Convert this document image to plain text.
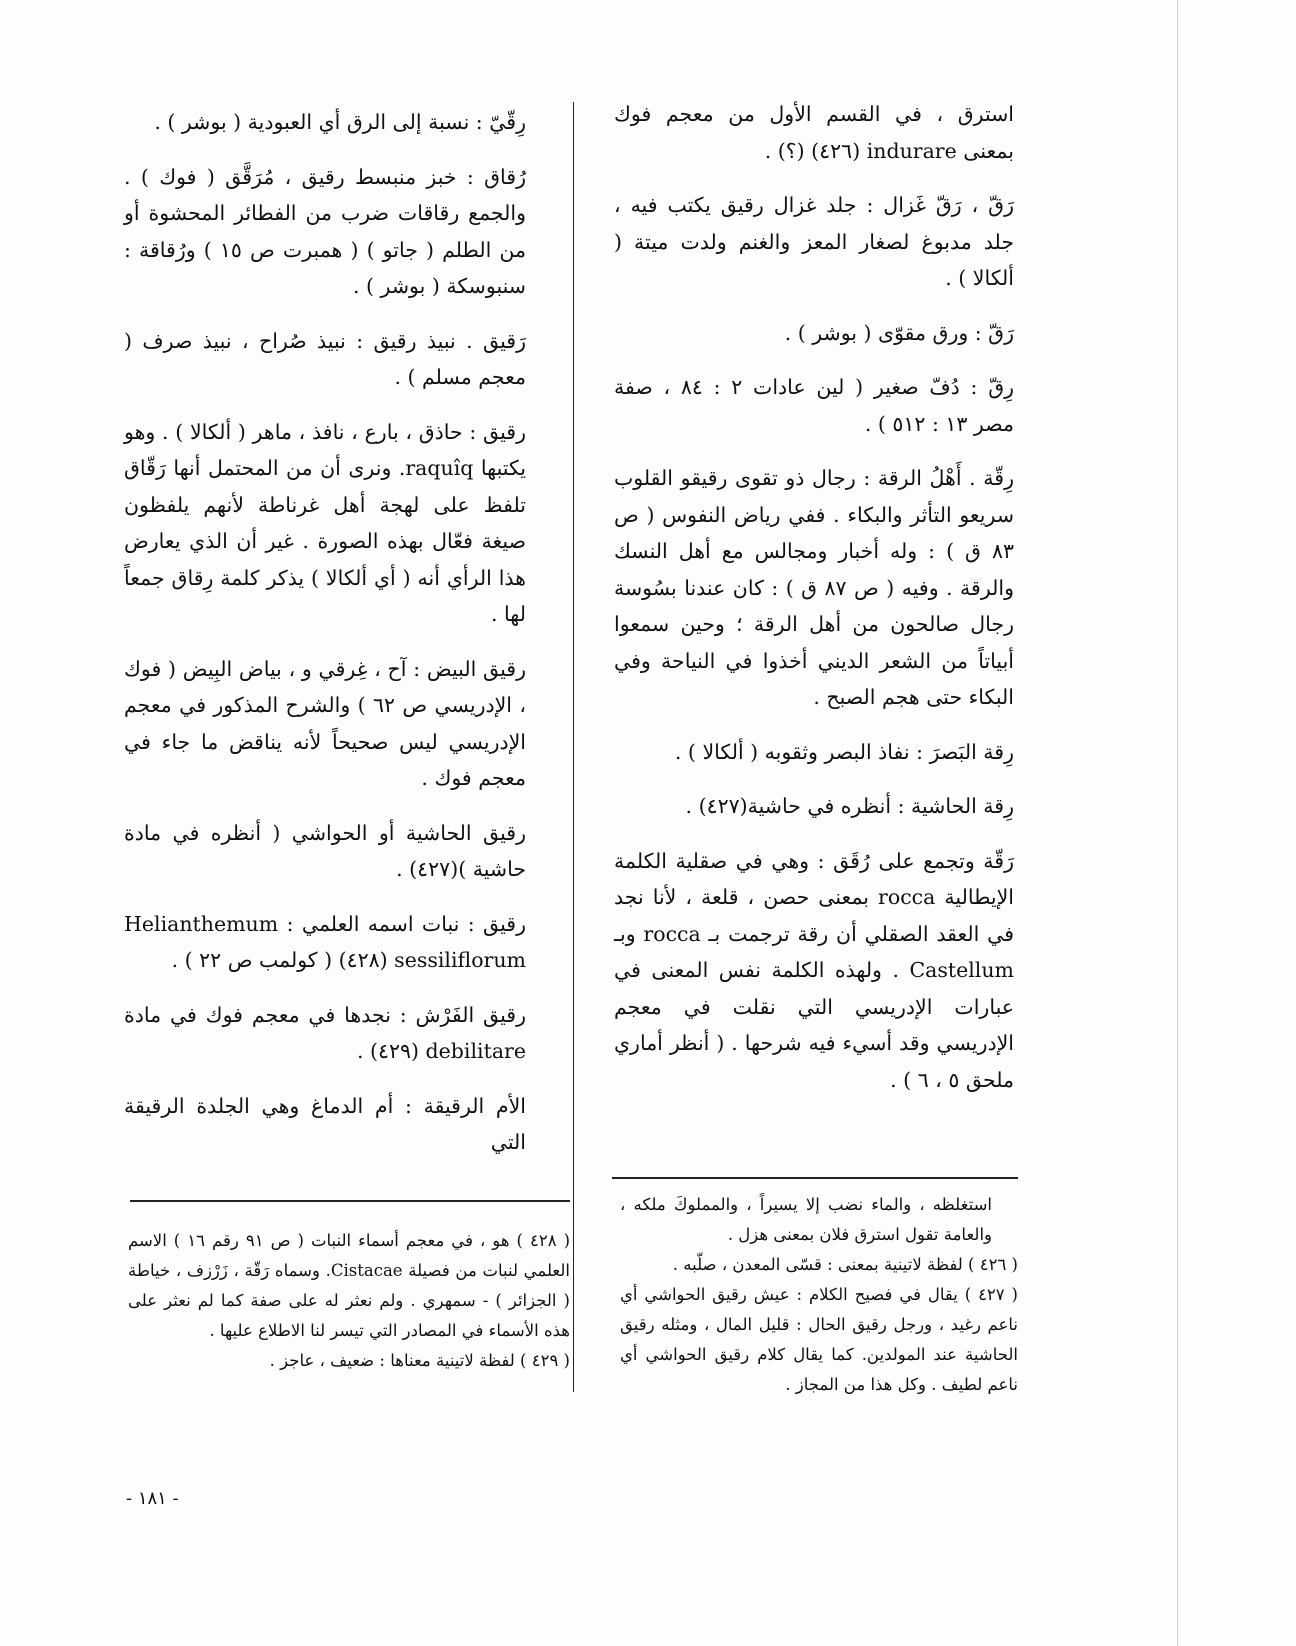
استرق ، في القسم الأول من معجم فوك بمعنى indurare (٤٢٦) (؟) .

رَقّ ، رَقّ غَزال : جلد غزال رقيق يكتب فيه ، جلد مدبوغ لصغار المعز والغنم ولدت ميتة ( ألكالا ) .

رَقّ : ورق مقوّى ( بوشر ) .

رِقّ : دُفّ صغير ( لين عادات ٢ : ٨٤ ، صفة مصر ١٣ : ٥١٢ ) .

رِقّة . أَهْلُ الرقة : رجال ذو تقوى رقيقو القلوب سريعو التأثر والبكاء . ففي رياض النفوس ( ص ٨٣ ق ) : وله أخبار ومجالس مع أهل النسك والرقة . وفيه ( ص ٨٧ ق ) : كان عندنا بسُوسة رجال صالحون من أهل الرقة ؛ وحين سمعوا أبياتاً من الشعر الديني أخذوا في النياحة وفي البكاء حتى هجم الصبح .

رِقة البَصرَ : نفاذ البصر وثقوبه ( ألكالا ) .

رِقة الحاشية : أنظره في حاشية(٤٢٧) .

رَقّة وتجمع على رُقَق : وهي في صقلية الكلمة الإيطالية rocca بمعنى حصن ، قلعة ، لأنا نجد في العقد الصقلي أن رقة ترجمت بـ rocca وبـ Castellum . ولهذه الكلمة نفس المعنى في عبارات الإدريسي التي نقلت في معجم الإدريسي وقد أسيء فيه شرحها . ( أنظر أماري ملحق ٥ ، ٦ ) .

رِقّيّ : نسبة إلى الرق أي العبودية ( بوشر ) .

رُقاق : خبز منبسط رقيق ، مُرَقَّق ( فوك ) . والجمع رقاقات ضرب من الفطائر المحشوة أو من الطلم ( جاتو ) ( همبرت ص ١٥ ) ورُقاقة : سنبوسكة ( بوشر ) .

رَقيق . نبيذ رقيق : نبيذ صُراح ، نبيذ صرف ( معجم مسلم ) .

رقيق : حاذق ، بارع ، نافذ ، ماهر ( ألكالا ) . وهو يكتبها raquîq. ونرى أن من المحتمل أنها رَقّاق تلفظ على لهجة أهل غرناطة لأنهم يلفظون صيغة فعّال بهذه الصورة . غير أن الذي يعارض هذا الرأي أنه ( أي ألكالا ) يذكر كلمة رِقاق جمعاً لها .

رقيق البيض : آح ، غِرقي و ، بياض البِيض ( فوك ، الإدريسي ص ٦٢ ) والشرح المذكور في معجم الإدريسي ليس صحيحاً لأنه يناقض ما جاء في معجم فوك .

رقيق الحاشية أو الحواشي ( أنظره في مادة حاشية )(٤٢٧) .

رقيق : نبات اسمه العلمي : Helianthemum sessiliflorum (٤٢٨) ( كولمب ص ٢٢ ) .

رقيق الفَرْش : نجدها في معجم فوك في مادة debilitare (٤٢٩) .

الأم الرقيقة : أم الدماغ وهي الجلدة الرقيقة التي

استغلظه ، والماء نضب إلا يسيراً ، والمملوكَ ملكه ، والعامة تقول استرق فلان بمعنى هزل .

( ٤٢٦ ) لفظة لاتينية بمعنى : قسّى المعدن ، صلّبه .

( ٤٢٧ ) يقال في فصيح الكلام : عيش رقيق الحواشي أي ناعم رغيد ، ورجل رقيق الحال : قليل المال ، ومثله رقيق الحاشية عند المولدين. كما يقال كلام رقيق الحواشي أي ناعم لطيف . وكل هذا من المجاز .

( ٤٢٨ ) هو ، في معجم أسماء النبات ( ص ٩١ رقم ١٦ ) الاسم العلمي لنبات من فصيلة Cistacae. وسماه رَقّة ، زَرْزف ، خياطة ( الجزائر ) - سمهري . ولم نعثر له على صفة كما لم نعثر على هذه الأسماء في المصادر التي تيسر لنا الاطلاع عليها .

( ٤٢٩ ) لفظة لاتينية معناها : ضعيف ، عاجز .

- ١٨١ -
